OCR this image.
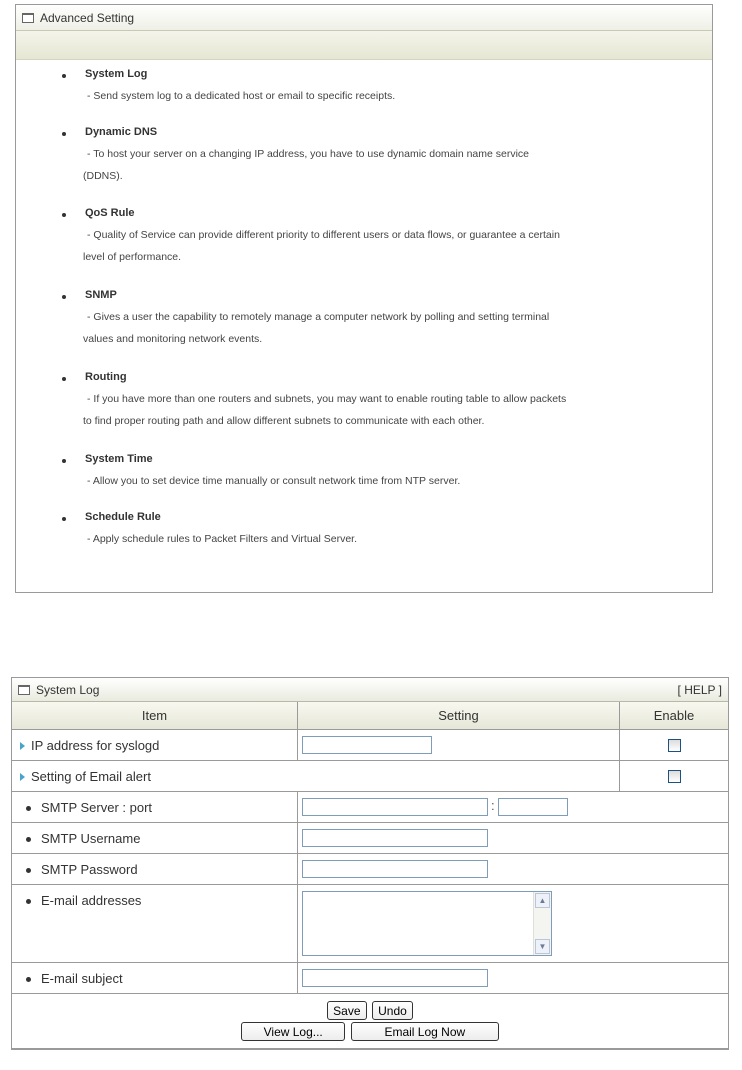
Advanced Setting
System Log
- Send system log to a dedicated host or email to specific receipts.
Dynamic DNS
- To host your server on a changing IP address, you have to use dynamic domain name service
(DDNS).
QoS Rule
- Quality of Service can provide different priority to different users or data flows, or guarantee a certain
level of performance.
SNMP
- Gives a user the capability to remotely manage a computer network by polling and setting terminal
values and monitoring network events.
Routing
- If you have more than one routers and subnets, you may want to enable routing table to allow packets
to find proper routing path and allow different subnets to communicate with each other.
System Time
- Allow you to set device time manually or consult network time from NTP server.
Schedule Rule
- Apply schedule rules to Packet Filters and Virtual Server.
System Log	[ HELP ]
Item	Setting	Enable
IP address for syslogd		

Setting of Email alert		

SMTP Server : port	:	
SMTP Username	
SMTP Password	
E-mail addresses	▲
▼	

E-mail subject	

Save Undo
View Log... Email Log Now		
